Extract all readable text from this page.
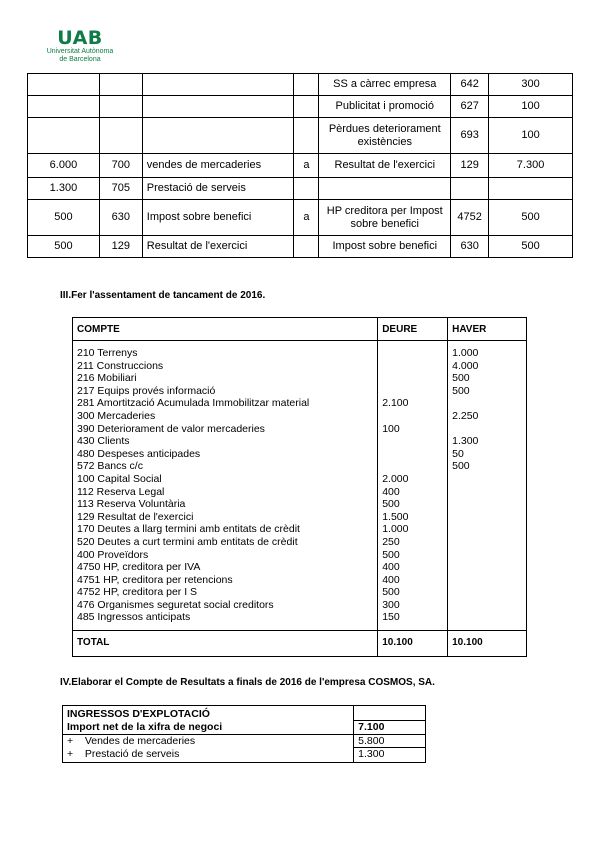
UAB
Universitat Autònoma
de Barcelona
				SS a càrrec empresa	642	300
				Publicitat i promoció	627	100
				Pèrdues deteriorament existències	693	100
6.000	700	vendes de mercaderies	a	Resultat de l'exercici	129	7.300
1.300	705	Prestació de serveis				
500	630	Impost sobre benefici	a	HP creditora per Impost sobre benefici	4752	500
500	129	Resultat de l'exercici		Impost sobre benefici	630	500
III.Fer l'assentament de tancament de 2016.
COMPTE	DEURE	HAVER
210 Terrenys		1.000
211 Construccions		4.000
216 Mobiliari		500
217 Equips provés informació		500
281 Amortització Acumulada Immobilitzar material	2.100	
300 Mercaderies		2.250
390 Deteriorament de valor mercaderies	100	
430 Clients		1.300
480 Despeses anticipades		50
572 Bancs c/c		500
100 Capital Social	2.000	
112 Reserva Legal	400	
113 Reserva Voluntària	500	
129 Resultat de l'exercici	1.500	
170 Deutes a llarg termini amb entitats de crèdit	1.000	
520 Deutes a curt termini amb entitats de crèdit	250	
400 Proveïdors	500	
4750 HP, creditora per IVA	400	
4751 HP, creditora per retencions	400	
4752 HP, creditora per I S	500	
476 Organismes seguretat social creditors	300	
485 Ingressos anticipats	150	
TOTAL	10.100	10.100
IV.Elaborar el Compte de Resultats a finals de 2016 de l'empresa COSMOS, SA.
INGRESSOS D'EXPLOTACIÓ	
Import net de la xifra de negoci	7.100
+ Vendes de mercaderies	5.800
+ Prestació de serveis	1.300
